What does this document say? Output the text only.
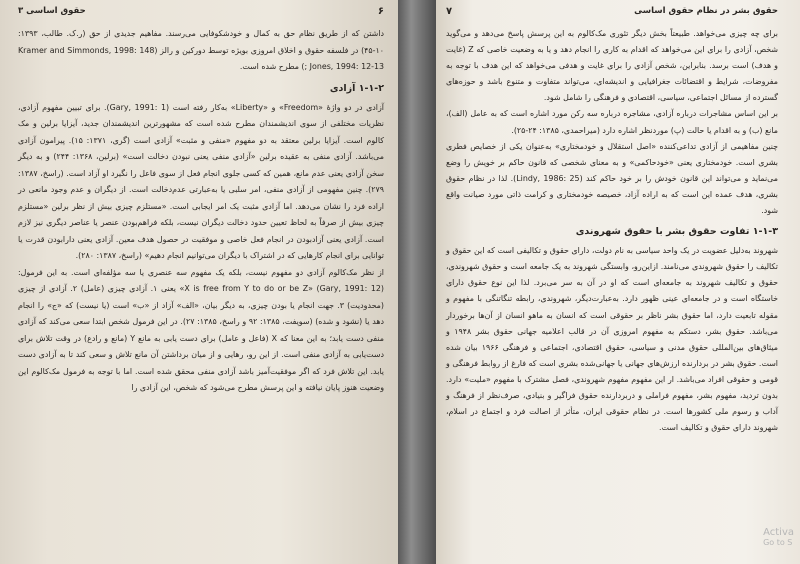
۶
حقوق اساسی ۳

داشتن که از طریق نظام حق به کمال و خودشکوفایی می‌رسند. مفاهیم جدیدی از حق (ر.ک. طالب، ۱۳۹۳: ۱۰-۴۵) در فلسفه حقوق و اخلاق امروزی بویژه توسط دورکین و رالز (Kramer and Simmonds, 1998: 148 ; Jones, 1994: 12-13) مطرح شده است.

۱-۱-۲ آزادی

آزادی در دو واژهٔ «Freedom» و «Liberty» به‌کار رفته است (Gary, 1991: 1). برای تبیین مفهوم آزادی، نظریات مختلفی از سوی اندیشمندان مطرح شده است که مشهورترین اندیشمندان جدید، آیزایا برلین و مک کالوم است. آیزایا برلین معتقد به دو مفهوم «منفی و مثبت» آزادی است (گری، ۱۳۷۱: ۱۵). پیرامون آزادی می‌باشد. آزادی منفی به عقیده برلین «آزادی منفی یعنی نبودن دخالت است» (برلین، ۱۳۶۸: ۲۴۴) و به دیگر سخن آزادی یعنی عدم مانع، همین که کسی جلوی انجام فعل از سوی فاعل را نگیرد او آزاد است. (راسخ، ۱۳۸۷: ۲۷۹). چنین مفهومی از آزادی منفی، امر سلبی یا به‌عبارتی عدم‌دخالت است. از دیگران و عدم وجود مانعی در اراده فرد را نشان می‌دهد. اما آزادی مثبت یک امر ایجابی است. «مستلزم چیزی بیش از نظر برلین «مستلزم چیزی بیش از صرفاً به لحاظ تعیین حدود دخالت دیگران نیست، بلکه فراهم‌بودن عنصر یا عناصر دیگری نیز لازم است. آزادی یعنی آزادبودن در انجام فعل خاصی و موفقیت در حصول هدف معین. آزادی یعنی دارابودن قدرت یا توانایی برای انجام کارهایی که در اشتراک با دیگران می‌توانیم انجام دهیم» (راسخ، ۱۳۸۷: ۲۸۰).

از نظر مک‌کالوم آزادی دو مفهوم نیست، بلکه یک مفهوم سه عنصری یا سه مؤلفه‌ای است. به این فرمول: (Gary, 1991: 12) «X is free from Y to do or be Z» یعنی ۱. آزادی چیزی (عامل) ۲. آزادی از چیزی (محدودیت) ۳. جهت انجام یا بودن چیزی، به دیگر بیان، «الف» آزاد از «ب» است (یا نیست) که «ج» را انجام دهد یا (نشود و شده) (سویفت، ۱۳۸۵: ۹۲ و راسخ، ۱۳۸۵: ۲۷). در این فرمول شخص ابتدا سعی می‌کند که آزادی منفی دست یابد؛ به این معنا که X (فاعل و عامل) برای دست یابی به مانع Y (مانع و رادع) در وقت تلاش برای دست‌یابی به آزادی منفی است. از این رو، رهایی و از میان برداشتن آن مانع تلاش و سعی کند تا به آزادی دست یابد. این تلاش فرد که اگر موفقیت‌آمیز باشد آزادی منفی محقق شده است. اما با توجه به فرمول مک‌کالوم این وضعیت هنوز پایان نیافته و این پرسش مطرح می‌شود که شخص، این آزادی را

حقوق بشر در نظام حقوق اساسی
۷

برای چه چیزی می‌خواهد. طبیعتاً بخش دیگر تئوری مک‌کالوم به این پرسش پاسخ می‌دهد و می‌گوید شخص، آزادی را برای این می‌خواهد که اقدام به کاری را انجام دهد و یا به وضعیت خاصی که Z (غایت و هدف) است برسد. بنابراین، شخص آزادی را برای غایت و هدفی می‌خواهد که این هدف با توجه به مفروضات، شرایط و اقتضائات جغرافیایی و اندیشه‌ای، می‌تواند متفاوت و متنوع باشد و حوزه‌های گسترده از مسائل اجتماعی، سیاسی، اقتصادی و فرهنگی را شامل شود.

بر این اساس مشاجرات درباره آزادی، مشاجره درباره سه رکن مورد اشاره است که به عامل (الف)، مانع (ب) و به اقدام یا حالت (پ) موردنظر اشاره دارد (میراحمدی، ۱۳۸۵: ۲۴-۲۵).

چنین مفاهیمی از آزادی تداعی‌کننده «اصل استقلال و خودمختاری» به‌عنوان یکی از خصایص فطری بشری است. خودمختاری یعنی «خودحاکمی» و به معنای شخصی که قانون حاکم بر خویش را وضع می‌نماید و می‌تواند این قانون خودش را بر خود حاکم کند (Lindy, 1986: 25). لذا در نظام حقوق بشری، هدف عمده این است که به اراده آزاد، خصیصه خودمختاری و کرامت ذاتی مورد صیانت واقع شود.

۱-۱-۳ تفاوت حقوق بشر با حقوق شهروندی

شهروند به‌دلیل عضویت در یک واحد سیاسی به نام دولت، دارای حقوق و تکالیفی است که این حقوق و تکالیف را حقوق شهروندی می‌نامند. ازاین‌رو، وابستگی شهروند به یک جامعه است و حقوق شهروندی، حقوق و تکالیف شهروند به جامعه‌ای است که او در آن به سر می‌برد. لذا این نوع حقوق دارای خاستگاه است و در جامعه‌ای عینی ظهور دارد. به‌عبارت‌دیگر، شهروندی، رابطه تنگاتنگی با مفهوم و مقوله تابعیت دارد، اما حقوق بشر ناظر بر حقوقی است که انسان به ماهو انسان از آن‌ها برخوردار می‌باشد. حقوق بشر، دستکم به مفهوم امروزی آن در قالب اعلامیه جهانی حقوق بشر ۱۹۴۸ و میثاق‌های بین‌المللی حقوق مدنی و سیاسی، حقوق اقتصادی، اجتماعی و فرهنگی ۱۹۶۶ بیان شده است. حقوق بشر در بردارنده ارزش‌های جهانی یا جهانی‌شده بشری است که فارغ از روابط فرهنگی و قومی و حقوقی افراد می‌باشد. ار این مفهوم مفهوم شهروندی، فصل مشترک با مفهوم «ملیت» دارد. بدون تردید، مفهوم بشر، مفهوم فراملی و دربردارنده حقوق فراگیر و بنیادی، صرف‌نظر از فرهنگ و آداب و رسوم ملی کشورها است. در نظام حقوقی ایران، متأثر از اصالت فرد و اجتماع در اسلام، شهروند دارای حقوق و تکالیف است.

Activa
Go to S
